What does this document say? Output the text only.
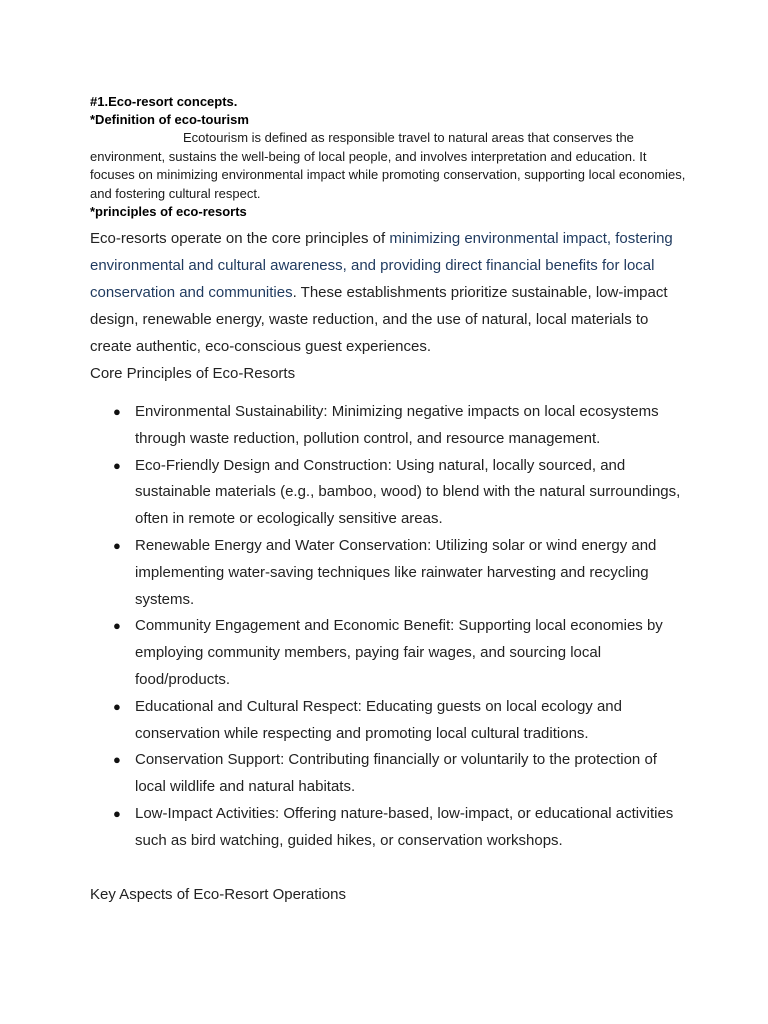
#1.Eco-resort concepts.

*Definition of eco-tourism

Ecotourism is defined as responsible travel to natural areas that conserves the environment, sustains the well-being of local people, and involves interpretation and education. It focuses on minimizing environmental impact while promoting conservation, supporting local economies, and fostering cultural respect.

*principles of eco-resorts

Eco-resorts operate on the core principles of minimizing environmental impact, fostering environmental and cultural awareness, and providing direct financial benefits for local conservation and communities. These establishments prioritize sustainable, low-impact design, renewable energy, waste reduction, and the use of natural, local materials to create authentic, eco-conscious guest experiences.

Core Principles of Eco-Resorts

● Environmental Sustainability: Minimizing negative impacts on local ecosystems through waste reduction, pollution control, and resource management.
● Eco-Friendly Design and Construction: Using natural, locally sourced, and sustainable materials (e.g., bamboo, wood) to blend with the natural surroundings, often in remote or ecologically sensitive areas.
● Renewable Energy and Water Conservation: Utilizing solar or wind energy and implementing water-saving techniques like rainwater harvesting and recycling systems.
● Community Engagement and Economic Benefit: Supporting local economies by employing community members, paying fair wages, and sourcing local food/products.
● Educational and Cultural Respect: Educating guests on local ecology and conservation while respecting and promoting local cultural traditions.
● Conservation Support: Contributing financially or voluntarily to the protection of local wildlife and natural habitats.
● Low-Impact Activities: Offering nature-based, low-impact, or educational activities such as bird watching, guided hikes, or conservation workshops.

Key Aspects of Eco-Resort Operations
